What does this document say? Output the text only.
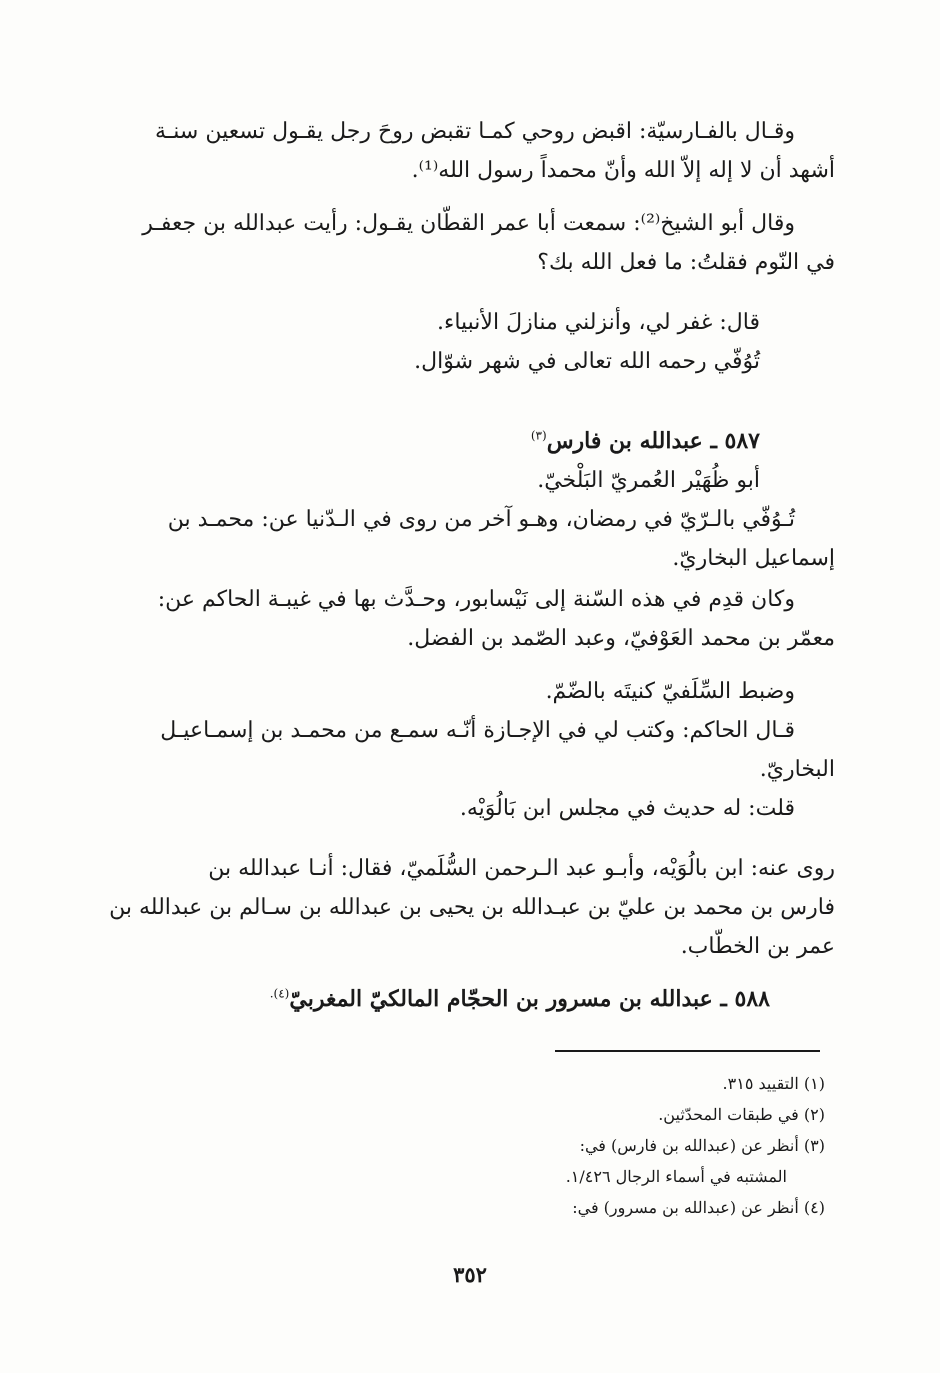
وقـال بالفـارسيّة: اقبض روحي كمـا تقبض روحَ رجل يقـول تسعين سنـة
أشهد أن لا إله إلاّ الله وأنّ محمداً رسول الله⁽¹⁾.
وقال أبو الشيخ⁽²⁾: سمعت أبا عمر القطّان يقـول: رأيت عبدالله بن جعفـر
في النّوم فقلتُ: ما فعل الله بك؟
قال: غفر لي، وأنزلني منازلَ الأنبياء.
تُوُفّي رحمه الله تعالى في شهر شوّال.
٥٨٧ ـ عبدالله بن فارس$^{(٣)}$
أبو ظُهَيْر العُمريّ البَلْخيّ.
تُـوُفّي بالـرّيّ في رمضان، وهـو آخر من روى في الـدّنيا عن: محمـد بن
إسماعيل البخاريّ.
وكان قدِم في هذه السّنة إلى نَيْسابور، وحـدَّث بها في غيبـة الحاكم عن:
معمّر بن محمد العَوْفيّ، وعبد الصّمد بن الفضل.
وضبط السِّلَفيّ كنيتَه بالضّمّ.
قـال الحاكم: وكتب لي في الإجـازة أنّـه سمـع من محمـد بن إسمـاعيـل
البخاريّ.
قلت: له حديث في مجلس ابن بَالُوَيْه.
روى عنه: ابن بالُوَيْه، وأبـو عبد الـرحمن السُّلَميّ، فقال: أنـا عبدالله بن
فارس بن محمد بن عليّ بن عبـدالله بن يحيى بن عبدالله بن سـالم بن عبدالله بن
عمر بن الخطّاب.
٥٨٨ ـ عبدالله بن مسرور بن الحجّام المالكيّ المغربيّ$^{(٤).}$
(١) التقييد ٣١٥.
(٢) في طبقات المحدّثين.
(٣) أنظر عن (عبدالله بن فارس) في:
المشتبه في أسماء الرجال ١/٤٢٦.
(٤) أنظر عن (عبدالله بن مسرور) في:
٣٥٢
